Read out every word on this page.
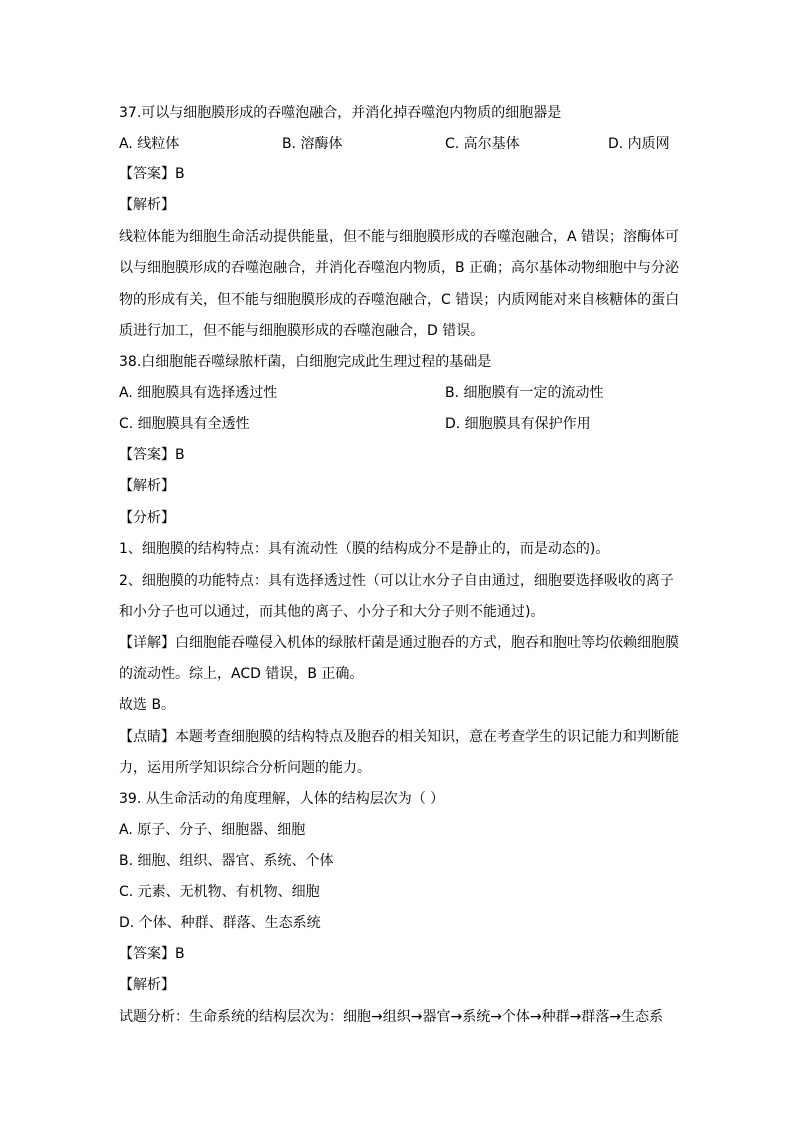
37.可以与细胞膜形成的吞噬泡融合，并消化掉吞噬泡内物质的细胞器是
A. 线粒体	B. 溶酶体	C. 高尔基体	D. 内质网
【答案】B
【解析】
线粒体能为细胞生命活动提供能量，但不能与细胞膜形成的吞噬泡融合，A 错误；溶酶体可
以与细胞膜形成的吞噬泡融合，并消化吞噬泡内物质，B 正确；高尔基体动物细胞中与分泌
物的形成有关，但不能与细胞膜形成的吞噬泡融合，C 错误；内质网能对来自核糖体的蛋白
质进行加工，但不能与细胞膜形成的吞噬泡融合，D 错误。
38.白细胞能吞噬绿脓杆菌，白细胞完成此生理过程的基础是
A. 细胞膜具有选择透过性	B. 细胞膜有一定的流动性
C. 细胞膜具有全透性	D. 细胞膜具有保护作用
【答案】B
【解析】
【分析】
1、细胞膜的结构特点：具有流动性（膜的结构成分不是静止的，而是动态的)。
2、细胞膜的功能特点：具有选择透过性（可以让水分子自由通过，细胞要选择吸收的离子
和小分子也可以通过，而其他的离子、小分子和大分子则不能通过)。
【详解】白细胞能吞噬侵入机体的绿脓杆菌是通过胞吞的方式，胞吞和胞吐等均依赖细胞膜
的流动性。综上，ACD 错误，B 正确。
故选 B。
【点睛】本题考查细胞膜的结构特点及胞吞的相关知识，意在考查学生的识记能力和判断能
力，运用所学知识综合分析问题的能力。
39. 从生命活动的角度理解，人体的结构层次为（ ）
A. 原子、分子、细胞器、细胞
B. 细胞、组织、器官、系统、个体
C. 元素、无机物、有机物、细胞
D. 个体、种群、群落、生态系统
【答案】B
【解析】
试题分析：生命系统的结构层次为：细胞→组织→器官→系统→个体→种群→群落→生态系
